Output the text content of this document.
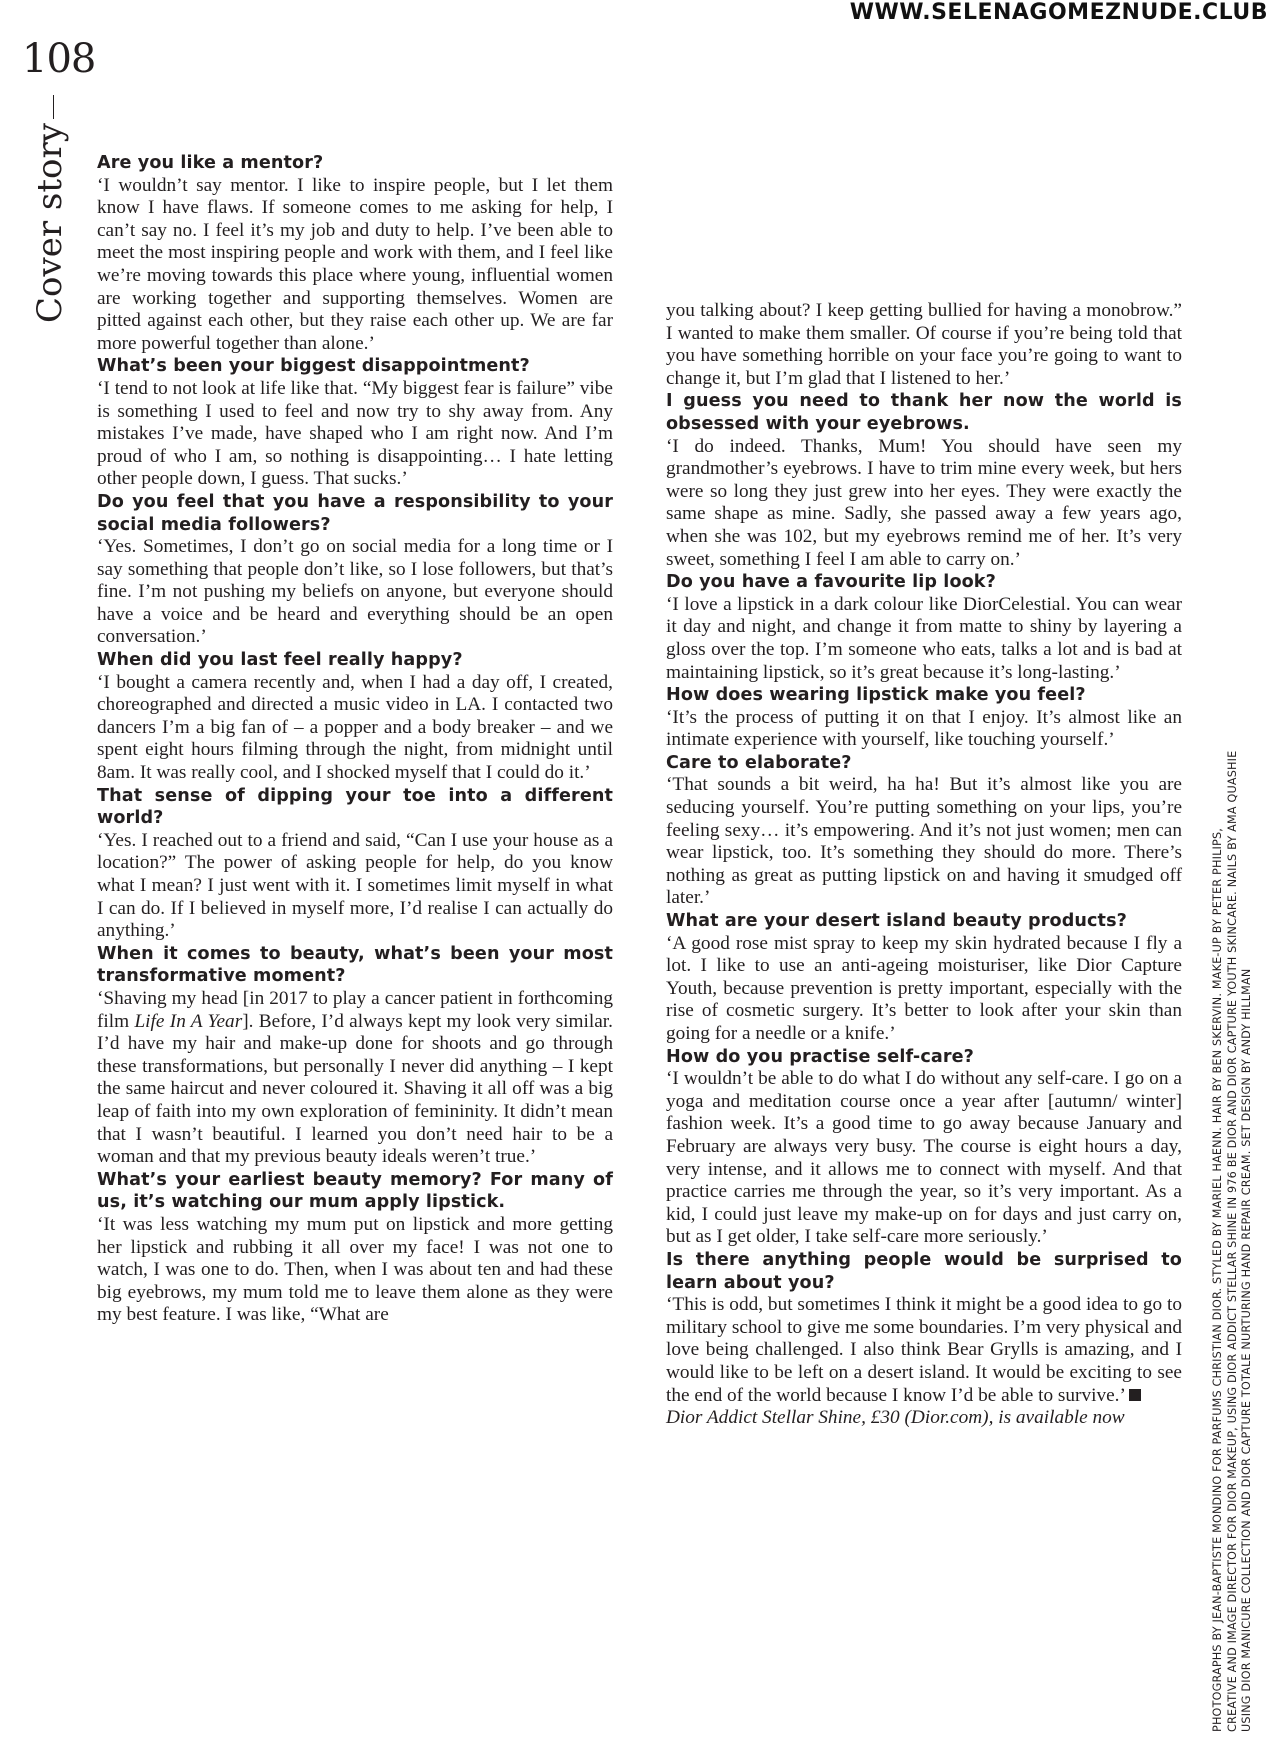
WWW.SELENAGOMEZNUDE.CLUB
108
Cover story Are you like a mentor?

‘I wouldn’t say mentor. I like to inspire people, but I let them know I have flaws. If someone comes to me asking for help, I can’t say no. I feel it’s my job and duty to help. I’ve been able to meet the most inspiring people and work with them, and I feel like we’re moving towards this place where young, influential women are working together and supporting themselves. Women are pitted against each other, but they raise each other up. We are far more powerful together than alone.’

What’s been your biggest disappointment?

‘I tend to not look at life like that. “My biggest fear is failure” vibe is something I used to feel and now try to shy away from. Any mistakes I’ve made, have shaped who I am right now. And I’m proud of who I am, so nothing is disappointing… I hate letting other people down, I guess. That sucks.’

Do you feel that you have a responsibility to your social media followers?

‘Yes. Sometimes, I don’t go on social media for a long time or I say something that people don’t like, so I lose followers, but that’s fine. I’m not pushing my beliefs on anyone, but everyone should have a voice and be heard and everything should be an open conversation.’

When did you last feel really happy?

‘I bought a camera recently and, when I had a day off, I created, choreographed and directed a music video in LA. I contacted two dancers I’m a big fan of – a popper and a body breaker – and we spent eight hours filming through the night, from midnight until 8am. It was really cool, and I shocked myself that I could do it.’

That sense of dipping your toe into a different world?

‘Yes. I reached out to a friend and said, “Can I use your house as a location?” The power of asking people for help, do you know what I mean? I just went with it. I sometimes limit myself in what I can do. If I believed in myself more, I’d realise I can actually do anything.’

When it comes to beauty, what’s been your most transformative moment?

‘Shaving my head [in 2017 to play a cancer patient in forthcoming film Life In A Year]. Before, I’d always kept my look very similar. I’d have my hair and make-up done for shoots and go through these transformations, but personally I never did anything – I kept the same haircut and never coloured it. Shaving it all off was a big leap of faith into my own exploration of femininity. It didn’t mean that I wasn’t beautiful. I learned you don’t need hair to be a woman and that my previous beauty ideals weren’t true.’

What’s your earliest beauty memory? For many of us, it’s watching our mum apply lipstick.

‘It was less watching my mum put on lipstick and more getting her lipstick and rubbing it all over my face! I was not one to watch, I was one to do. Then, when I was about ten and had these big eyebrows, my mum told me to leave them alone as they were my best feature. I was like, “What are

you talking about? I keep getting bullied for having a monobrow.” I wanted to make them smaller. Of course if you’re being told that you have something horrible on your face you’re going to want to change it, but I’m glad that I listened to her.’

I guess you need to thank her now the world is obsessed with your eyebrows.

‘I do indeed. Thanks, Mum! You should have seen my grandmother’s eyebrows. I have to trim mine every week, but hers were so long they just grew into her eyes. They were exactly the same shape as mine. Sadly, she passed away a few years ago, when she was 102, but my eyebrows remind me of her. It’s very sweet, something I feel I am able to carry on.’

Do you have a favourite lip look?

‘I love a lipstick in a dark colour like DiorCelestial. You can wear it day and night, and change it from matte to shiny by layering a gloss over the top. I’m someone who eats, talks a lot and is bad at maintaining lipstick, so it’s great because it’s long-lasting.’

How does wearing lipstick make you feel?

‘It’s the process of putting it on that I enjoy. It’s almost like an intimate experience with yourself, like touching yourself.’

Care to elaborate?

‘That sounds a bit weird, ha ha! But it’s almost like you are seducing yourself. You’re putting something on your lips, you’re feeling sexy… it’s empowering. And it’s not just women; men can wear lipstick, too. It’s something they should do more. There’s nothing as great as putting lipstick on and having it smudged off later.’

What are your desert island beauty products?

‘A good rose mist spray to keep my skin hydrated because I fly a lot. I like to use an anti-ageing moisturiser, like Dior Capture Youth, because prevention is pretty important, especially with the rise of cosmetic surgery. It’s better to look after your skin than going for a needle or a knife.’

How do you practise self-care?

‘I wouldn’t be able to do what I do without any self-care. I go on a yoga and meditation course once a year after [autumn/ winter] fashion week. It’s a good time to go away because January and February are always very busy. The course is eight hours a day, very intense, and it allows me to connect with myself. And that practice carries me through the year, so it’s very important. As a kid, I could just leave my make-up on for days and just carry on, but as I get older, I take self-care more seriously.’

Is there anything people would be surprised to learn about you?

‘This is odd, but sometimes I think it might be a good idea to go to military school to give me some boundaries. I’m very physical and love being challenged. I also think Bear Grylls is amazing, and I would like to be left on a desert island. It would be exciting to see the end of the world because I know I’d be able to survive.’

Dior Addict Stellar Shine, £30 (Dior.com), is available now	PHOTOGRAPHS BY JEAN-BAPTISTE MONDINO FOR PARFUMS CHRISTIAN DIOR. STYLED BY MARIEL HAENN. HAIR BY BEN SKERVIN. MAKE-UP BY PETER PHILIPS, CREATIVE AND IMAGE DIRECTOR FOR DIOR MAKEUP, USING DIOR ADDICT STELLAR SHINE IN 976 BE DIOR AND DIOR CAPTURE YOUTH SKINCARE. NAILS BY AMA QUASHIE USING DIOR MANICURE COLLECTION AND DIOR CAPTURE TOTALE NURTURING HAND REPAIR CREAM. SET DESIGN BY ANDY HILLMAN
